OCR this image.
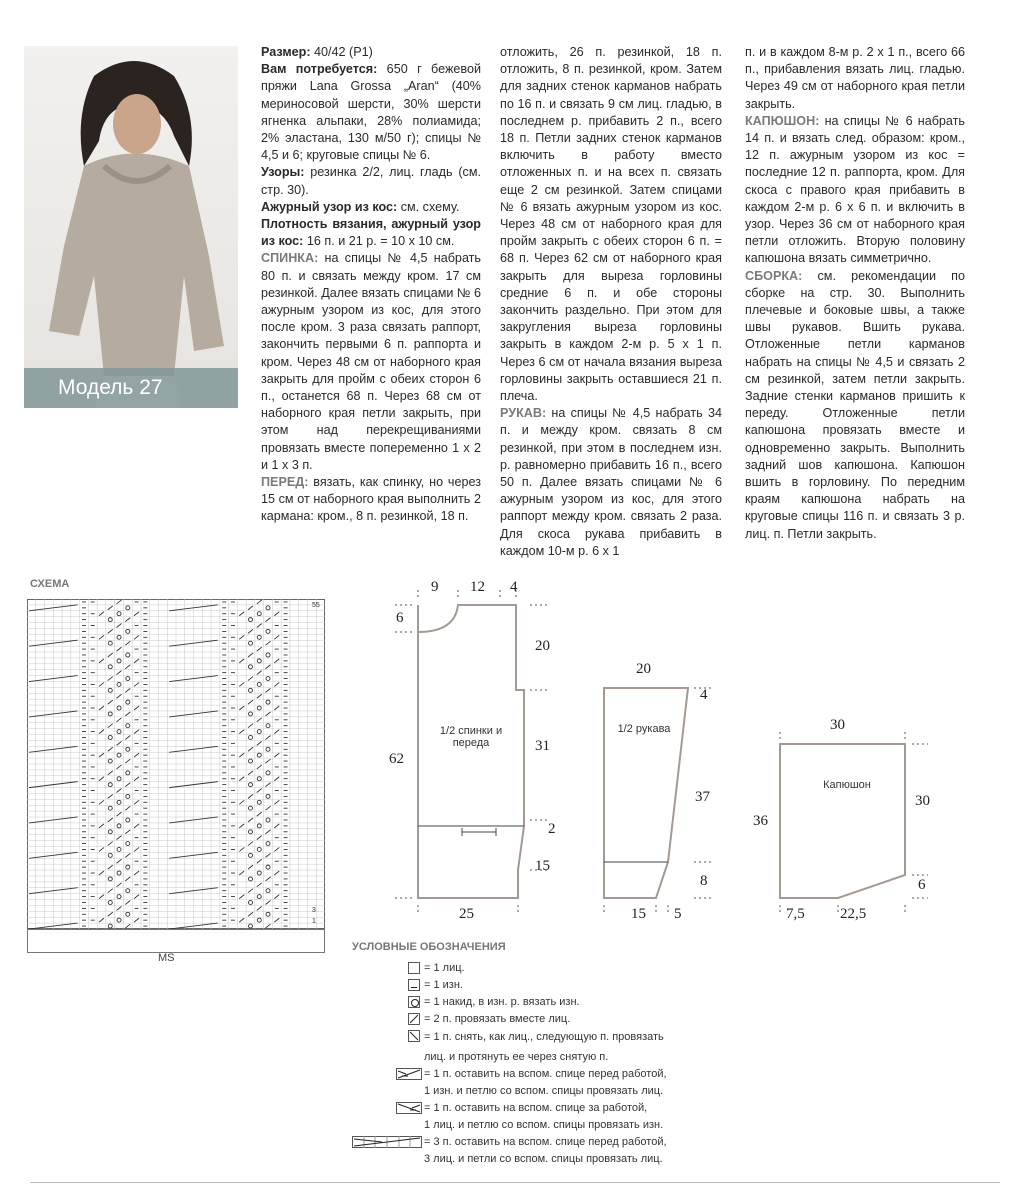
Модель 27

Размер: 40/42 (Р1)

Вам потребуется: 650 г бежевой пряжи Lana Grossa „Aran“ (40% мериносовой шерсти, 30% шерсти ягненка альпаки, 28% полиамида; 2% эластана, 130 м/50 г); спицы № 4,5 и 6; круговые спицы № 6.

Узоры: резинка 2/2, лиц. гладь (см. стр. 30).

Ажурный узор из кос: см. схему.

Плотность вязания, ажурный узор из кос: 16 п. и 21 р. = 10 х 10 см.

СПИНКА: на спицы № 4,5 набрать 80 п. и связать между кром. 17 см резинкой. Далее вязать спицами № 6 ажурным узором из кос, для этого после кром. 3 раза связать раппорт, закончить первыми 6 п. раппорта и кром. Через 48 см от наборного края закрыть для пройм с обеих сторон 6 п., останется 68 п. Через 68 см от наборного края петли закрыть, при этом над перекрещиваниями провязать вместе попеременно 1 х 2 и 1 х 3 п.

ПЕРЕД: вязать, как спинку, но через 15 см от наборного края выполнить 2 кармана: кром., 8 п. резинкой, 18 п.

отложить, 26 п. резинкой, 18 п. отложить, 8 п. резинкой, кром. Затем для задних стенок карманов набрать по 16 п. и связать 9 см лиц. гладью, в последнем р. прибавить 2 п., всего 18 п. Петли задних стенок карманов включить в работу вместо отложенных п. и на всех п. связать еще 2 см резинкой. Затем спицами № 6 вязать ажурным узором из кос. Через 48 см от наборного края для пройм закрыть с обеих сторон 6 п. = 68 п. Через 62 см от наборного края закрыть для выреза горловины средние 6 п. и обе стороны закончить раздельно. При этом для закругления выреза горловины закрыть в каждом 2-м р. 5 х 1 п. Через 6 см от начала вязания выреза горловины закрыть оставшиеся 21 п. плеча.

РУКАВ: на спицы № 4,5 набрать 34 п. и между кром. связать 8 см резинкой, при этом в последнем изн. р. равномерно прибавить 16 п., всего 50 п. Далее вязать спицами № 6 ажурным узором из кос, для этого раппорт между кром. связать 2 раза. Для скоса рукава прибавить в каждом 10-м р. 6 х 1

п. и в каждом 8-м р. 2 х 1 п., всего 66 п., прибавления вязать лиц. гладью. Через 49 см от наборного края петли закрыть.

КАПЮШОН: на спицы № 6 набрать 14 п. и вязать след. образом: кром., 12 п. ажурным узором из кос = последние 12 п. раппорта, кром. Для скоса с правого края прибавить в каждом 2-м р. 6 х 6 п. и включить в узор. Через 36 см от наборного края петли отложить. Вторую половину капюшона вязать симметрично.

СБОРКА: см. рекомендации по сборке на стр. 30. Выполнить плечевые и боковые швы, а также швы рукавов. Вшить рукава. Отложенные петли карманов набрать на спицы № 4,5 и связать 2 см резинкой, затем петли закрыть. Задние стенки карманов пришить к переду. Отложенные петли капюшона провязать вместе и одновременно закрыть. Выполнить задний шов капюшона. Капюшон вшить в горловину. По передним краям капюшона набрать на круговые спицы 116 п. и связать 3 р. лиц. п. Петли закрыть.

СХЕМА
55
3
1
MS
9 12 4
6
20
62
31
2
15
25
1/2 спинки и переда
20
4
37
8
15 5
1/2 рукава	30
36
30
6
7,5 22,5
Капюшон
УСЛОВНЫЕ ОБОЗНАЧЕНИЯ
= 1 лиц.
= 1 изн.
= 1 накид, в изн. р. вязать изн.
= 2 п. провязать вместе лиц.
= 1 п. снять, как лиц., следующую п. провязать
лиц. и протянуть ее через снятую п.
= 1 п. оставить на вспом. спице перед работой,
1 изн. и петлю со вспом. спицы провязать лиц.
= 1 п. оставить на вспом. спице за работой,
1 лиц. и петлю со вспом. спицы провязать изн.
= 3 п. оставить на вспом. спице перед работой,
3 лиц. и петли со вспом. спицы провязать лиц.
